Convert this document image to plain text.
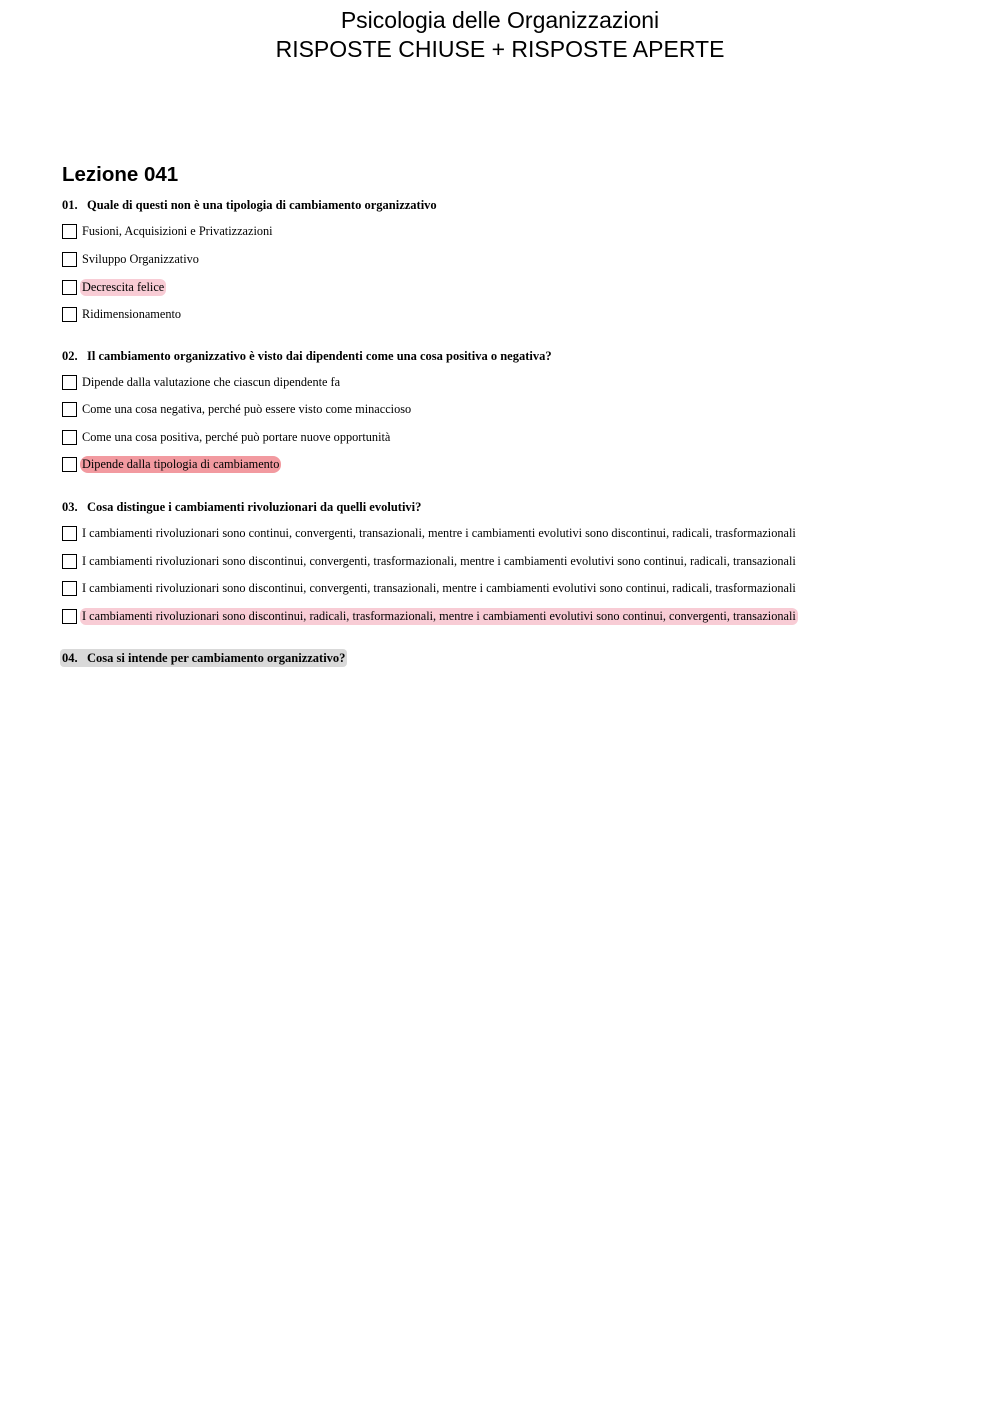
Psicologia delle Organizzazioni
RISPOSTE CHIUSE + RISPOSTE APERTE
Lezione 041
01. Quale di questi non è una tipologia di cambiamento organizzativo
Fusioni, Acquisizioni e Privatizzazioni
Sviluppo Organizzativo
Decrescita felice
Ridimensionamento
02. Il cambiamento organizzativo è visto dai dipendenti come una cosa positiva o negativa?
Dipende dalla valutazione che ciascun dipendente fa
Come una cosa negativa, perché può essere visto come minaccioso
Come una cosa positiva, perché può portare nuove opportunità
Dipende dalla tipologia di cambiamento
03. Cosa distingue i cambiamenti rivoluzionari da quelli evolutivi?
I cambiamenti rivoluzionari sono continui, convergenti, transazionali, mentre i cambiamenti evolutivi sono discontinui, radicali, trasformazionali
I cambiamenti rivoluzionari sono discontinui, convergenti, trasformazionali, mentre i cambiamenti evolutivi sono continui, radicali, transazionali
I cambiamenti rivoluzionari sono discontinui, convergenti, transazionali, mentre i cambiamenti evolutivi sono continui, radicali, trasformazionali
I cambiamenti rivoluzionari sono discontinui, radicali, trasformazionali, mentre i cambiamenti evolutivi sono continui, convergenti, transazionali
04. Cosa si intende per cambiamento organizzativo?
